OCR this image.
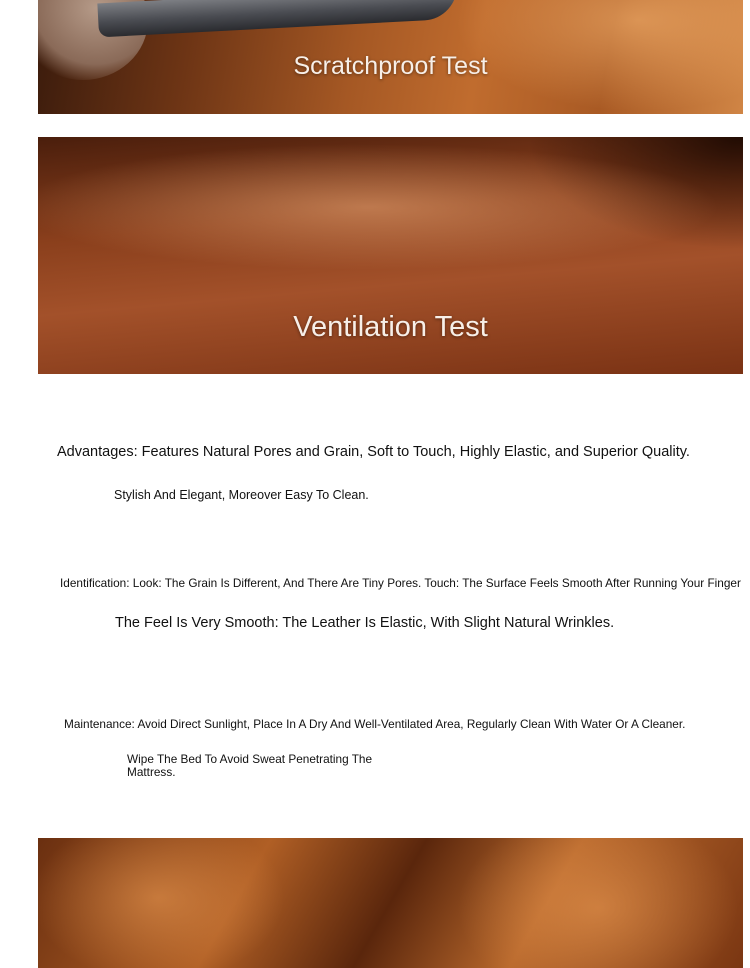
Scratchproof Test
Ventilation Test
Advantages: Features Natural Pores and Grain, Soft to Touch, Highly Elastic, and Superior Quality.
Stylish And Elegant, Moreover Easy To Clean.
Identification: Look: The Grain Is Different, And There Are Tiny Pores. Touch: The Surface Feels Smooth After Running Your Finger
The Feel Is Very Smooth: The Leather Is Elastic, With Slight Natural Wrinkles.
Maintenance: Avoid Direct Sunlight, Place In A Dry And Well-Ventilated Area, Regularly Clean With Water Or A Cleaner.
Wipe The Bed To Avoid Sweat Penetrating The Mattress.
